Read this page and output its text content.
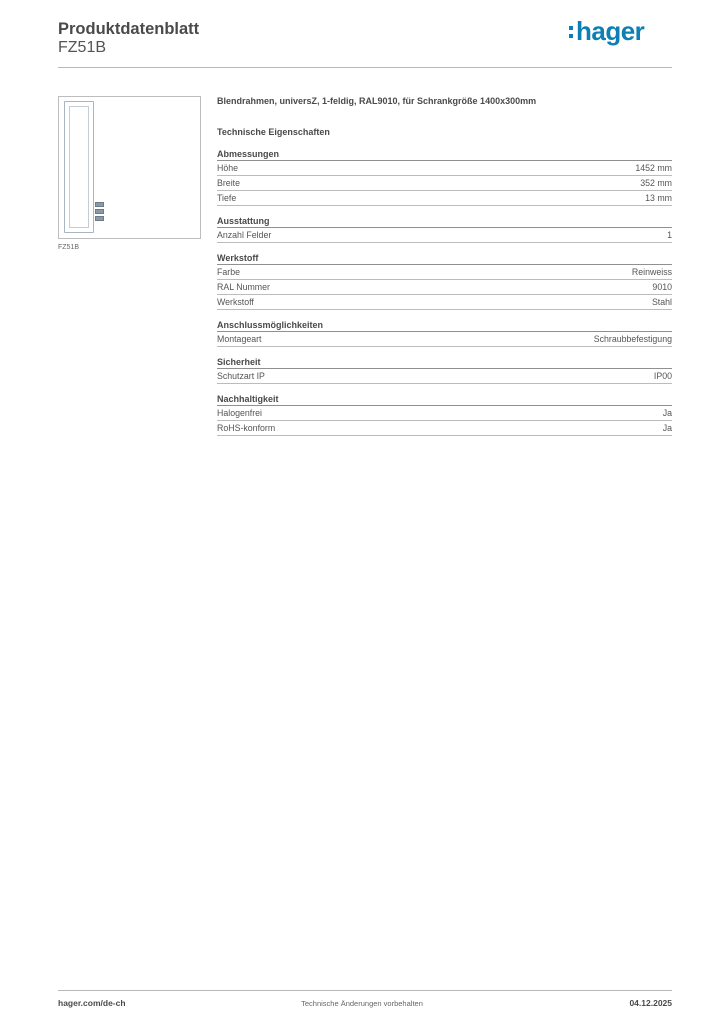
Produktdatenblatt
FZ51B
hager
FZ51B
Blendrahmen, universZ, 1-feldig, RAL9010, für Schrankgröße 1400x300mm
Technische Eigenschaften
Abmessungen
Höhe	1452 mm
Breite	352 mm
Tiefe	13 mm
Ausstattung
Anzahl Felder	1
Werkstoff
Farbe	Reinweiss
RAL Nummer	9010
Werkstoff	Stahl
Anschlussmöglichkeiten
Montageart	Schraubbefestigung
Sicherheit
Schutzart IP	IP00
Nachhaltigkeit
Halogenfrei	Ja
RoHS-konform	Ja
hager.com/de-ch	Technische Änderungen vorbehalten	04.12.2025
